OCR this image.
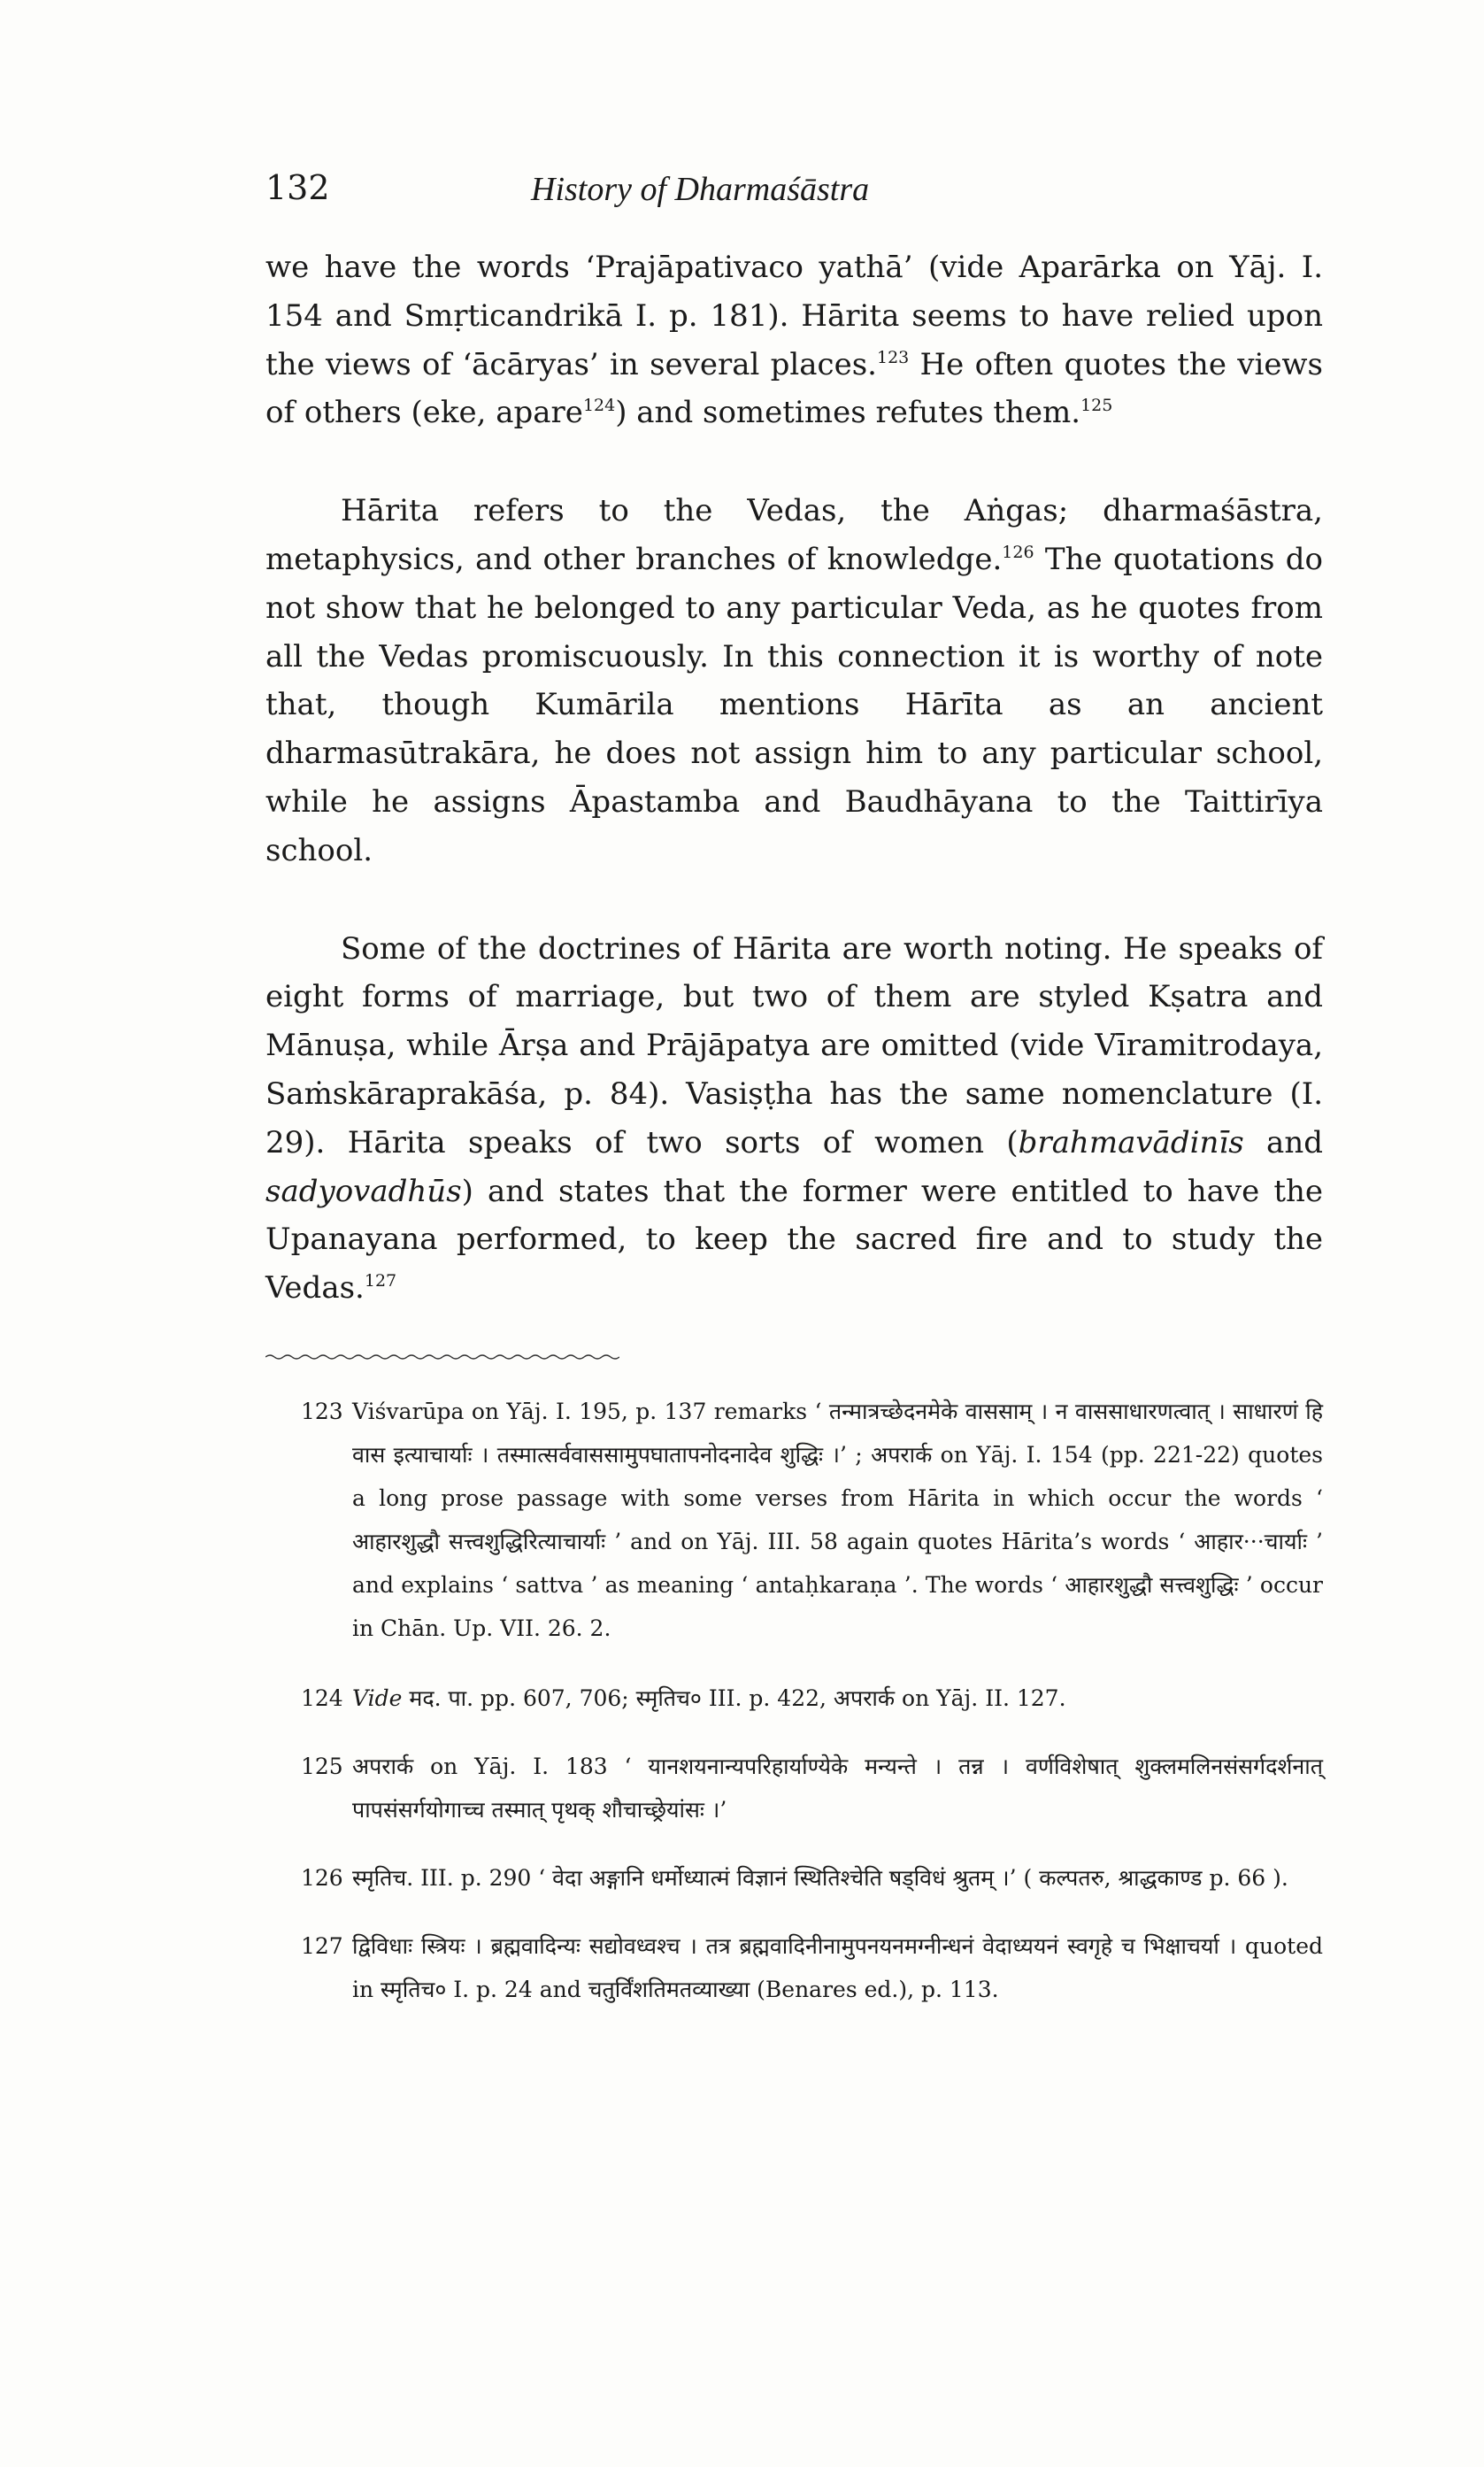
132	History of Dharmaśāstra

we have the words ‘Prajāpativaco yathā’ (vide Aparārka on Yāj. I. 154 and Smṛticandrikā I. p. 181). Hārita seems to have relied upon the views of ‘ācāryas’ in several places.$^{123}$ He often quotes the views of others (eke, apare$^{124}$) and sometimes refutes them.$^{125}$

Hārita refers to the Vedas, the Aṅgas; dharmaśāstra, metaphysics, and other branches of knowledge.$^{126}$ The quotations do not show that he belonged to any particular Veda, as he quotes from all the Vedas promiscuously. In this connection it is worthy of note that, though Kumārila mentions Hārīta as an ancient dharmasūtrakāra, he does not assign him to any particular school, while he assigns Āpastamba and Baudhāyana to the Taittirīya school.

Some of the doctrines of Hārita are worth noting. He speaks of eight forms of marriage, but two of them are styled Kṣatra and Mānuṣa, while Ārṣa and Prājāpatya are omitted (vide Vīramitrodaya, Saṁskāraprakāśa, p. 84). Vasiṣṭha has the same nomenclature (I. 29). Hārita speaks of two sorts of women (brahmavādinīs and sadyovadhūs) and states that the former were entitled to have the Upanayana performed, to keep the sacred fire and to study the Vedas.$^{127}$

123 Viśvarūpa on Yāj. I. 195, p. 137 remarks ‘ तन्मात्रच्छेदनमेके वाससाम् । न वाससाधारणत्वात् । साधारणं हि वास इत्याचार्याः । तस्मात्सर्ववाससामुपघातापनोदनादेव शुद्धिः ।’ ; अपरार्क on Yāj. I. 154 (pp. 221-22) quotes a long prose passage with some verses from Hārita in which occur the words ‘ आहारशुद्धौ सत्त्वशुद्धिरित्याचार्याः ’ and on Yāj. III. 58 again quotes Hārita’s words ‘ आहार···चार्याः ’ and explains ‘ sattva ’ as meaning ‘ antaḥkaraṇa ’. The words ‘ आहारशुद्धौ सत्त्वशुद्धिः ’ occur in Chān. Up. VII. 26. 2.

124 Vide मद. पा. pp. 607, 706; स्मृतिच० III. p. 422, अपरार्क on Yāj. II. 127.

125 अपरार्क on Yāj. I. 183 ‘ यानशयनान्यपरिहार्याण्येके मन्यन्ते । तन्न । वर्णविशेषात् शुक्लमलिनसंसर्गदर्शनात् पापसंसर्गयोगाच्च तस्मात् पृथक् शौचाच्छ्रेयांसः ।’

126 स्मृतिच. III. p. 290 ‘ वेदा अङ्गानि धर्मोध्यात्मं विज्ञानं स्थितिश्चेति षड्विधं श्रुतम् ।’ ( कल्पतरु, श्राद्धकाण्ड p. 66 ).

127 द्विविधाः स्त्रियः । ब्रह्मवादिन्यः सद्योवध्वश्च । तत्र ब्रह्मवादिनीनामुपनयनमग्नीन्धनं वेदाध्ययनं स्वगृहे च भिक्षाचर्या । quoted in स्मृतिच० I. p. 24 and चतुर्विंशतिमतव्याख्या (Benares ed.), p. 113.
